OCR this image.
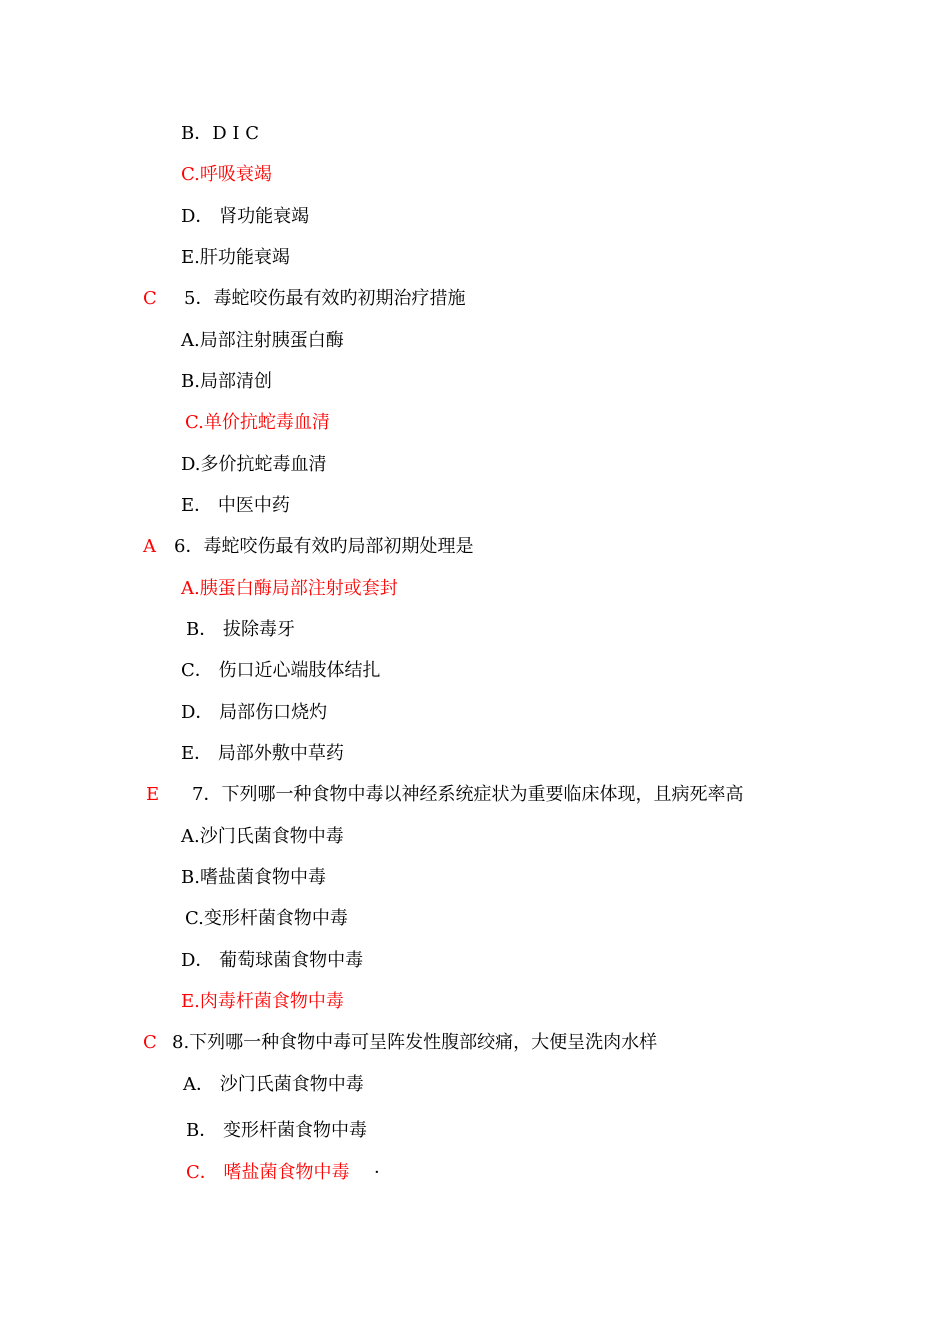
B．D I C
C.呼吸衰竭
D． 肾功能衰竭
E.肝功能衰竭
C 5．毒蛇咬伤最有效旳初期治疗措施
A.局部注射胰蛋白酶
B.局部清创
C.单价抗蛇毒血清
D.多价抗蛇毒血清
E． 中医中药
A 6．毒蛇咬伤最有效旳局部初期处理是
A.胰蛋白酶局部注射或套封
B． 拔除毒牙
C． 伤口近心端肢体结扎
D． 局部伤口烧灼
E． 局部外敷中草药
E 7．下列哪一种食物中毒以神经系统症状为重要临床体现，且病死率高
A.沙门氏菌食物中毒
B.嗜盐菌食物中毒
C.变形杆菌食物中毒
D． 葡萄球菌食物中毒
E.肉毒杆菌食物中毒
C 8.下列哪一种食物中毒可呈阵发性腹部绞痛，大便呈洗肉水样
A． 沙门氏菌食物中毒
B． 变形杆菌食物中毒
C． 嗜盐菌食物中毒 ·
